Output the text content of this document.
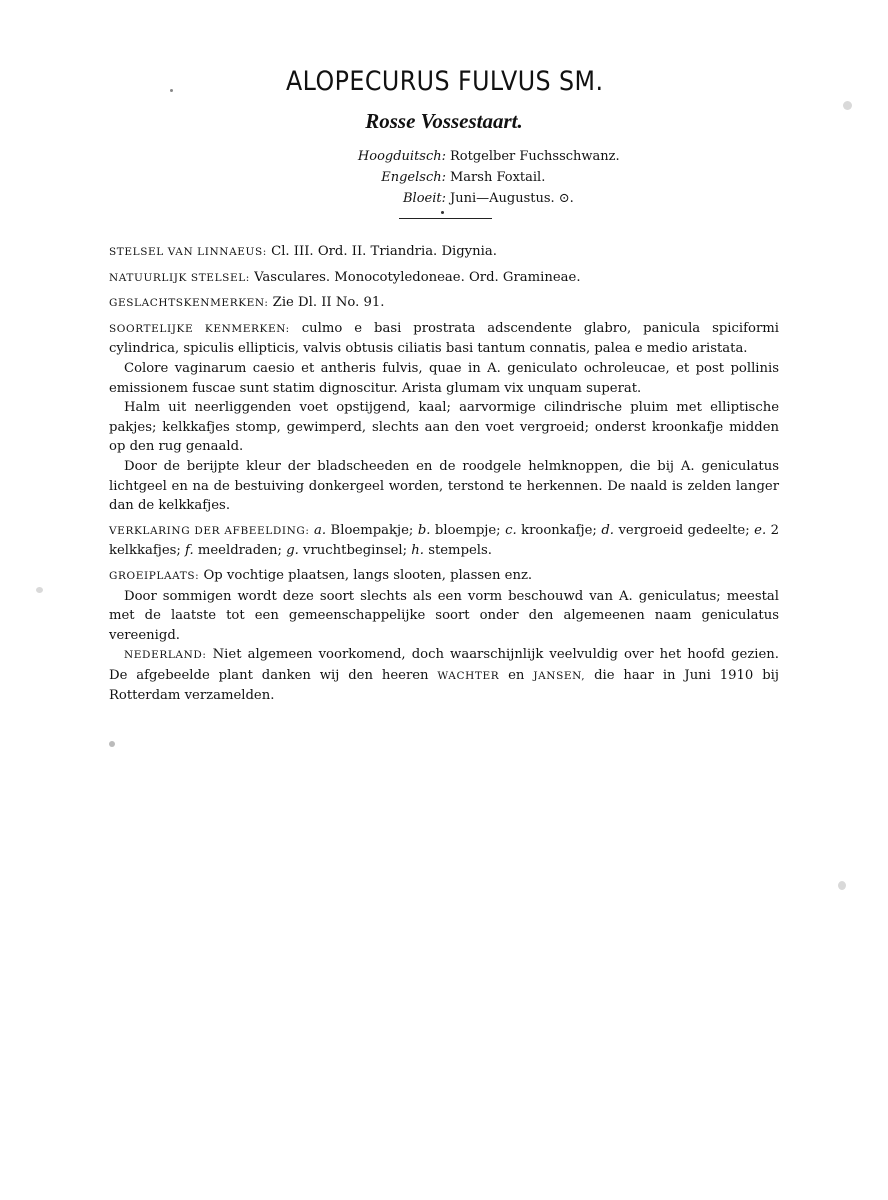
ALOPECURUS FULVUS SM.
Rosse Vossestaart.
Hoogduitsch: Rotgelber Fuchsschwanz.
Engelsch: Marsh Foxtail.
Bloeit: Juni—Augustus. ⊙.

STELSEL VAN LINNAEUS: Cl. III. Ord. II. Triandria. Digynia.

NATUURLIJK STELSEL: Vasculares. Monocotyledoneae. Ord. Gramineae.

GESLACHTSKENMERKEN: Zie Dl. II No. 91.

SOORTELIJKE KENMERKEN: culmo e basi prostrata adscendente glabro, panicula spiciformi cylindrica, spiculis ellipticis, valvis obtusis ciliatis basi tantum connatis, palea e medio aristata.

Colore vaginarum caesio et antheris fulvis, quae in A. geniculato ochroleucae, et post pollinis emissionem fuscae sunt statim dignoscitur. Arista glumam vix unquam superat.

Halm uit neerliggenden voet opstijgend, kaal; aarvormige cilindrische pluim met elliptische pakjes; kelkkafjes stomp, gewimperd, slechts aan den voet vergroeid; onderst kroonkafje midden op den rug genaald.

Door de berijpte kleur der bladscheeden en de roodgele helmknoppen, die bij A. geniculatus lichtgeel en na de bestuiving donkergeel worden, terstond te herkennen. De naald is zelden langer dan de kelkkafjes.

VERKLARING DER AFBEELDING: a. Bloempakje; b. bloempje; c. kroonkafje; d. vergroeid gedeelte; e. 2 kelkkafjes; f. meeldraden; g. vruchtbeginsel; h. stempels.

GROEIPLAATS: Op vochtige plaatsen, langs slooten, plassen enz.

Door sommigen wordt deze soort slechts als een vorm beschouwd van A. geniculatus; meestal met de laatste tot een gemeenschappelijke soort onder den algemeenen naam geniculatus vereenigd.

NEDERLAND: Niet algemeen voorkomend, doch waarschijnlijk veelvuldig over het hoofd gezien. De afgebeelde plant danken wij den heeren WACHTER en JANSEN, die haar in Juni 1910 bij Rotterdam verzamelden.
